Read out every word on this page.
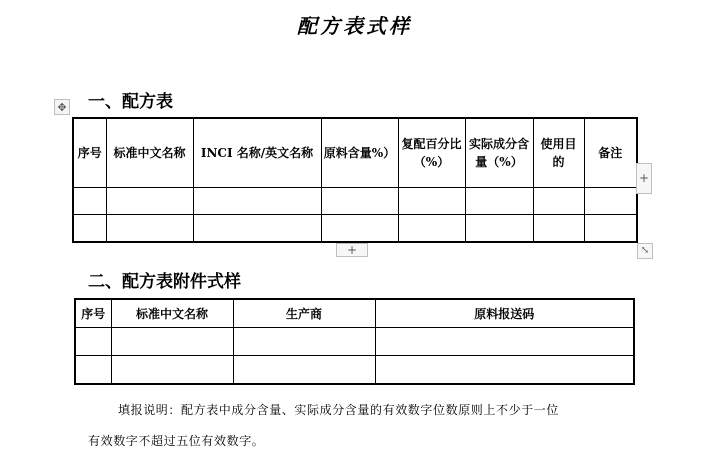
配方表式样
一、配方表
✥
序号	标准中文名称	INCI 名称/英文名称	原料含量%）	复配百分比（%）	实际成分含量（%）	使用目的	备注

+
+	⤡
二、配方表附件式样
序号	标准中文名称	生产商	原料报送码

填报说明：配方表中成分含量、实际成分含量的有效数字位数原则上不少于一位
有效数字不超过五位有效数字。
